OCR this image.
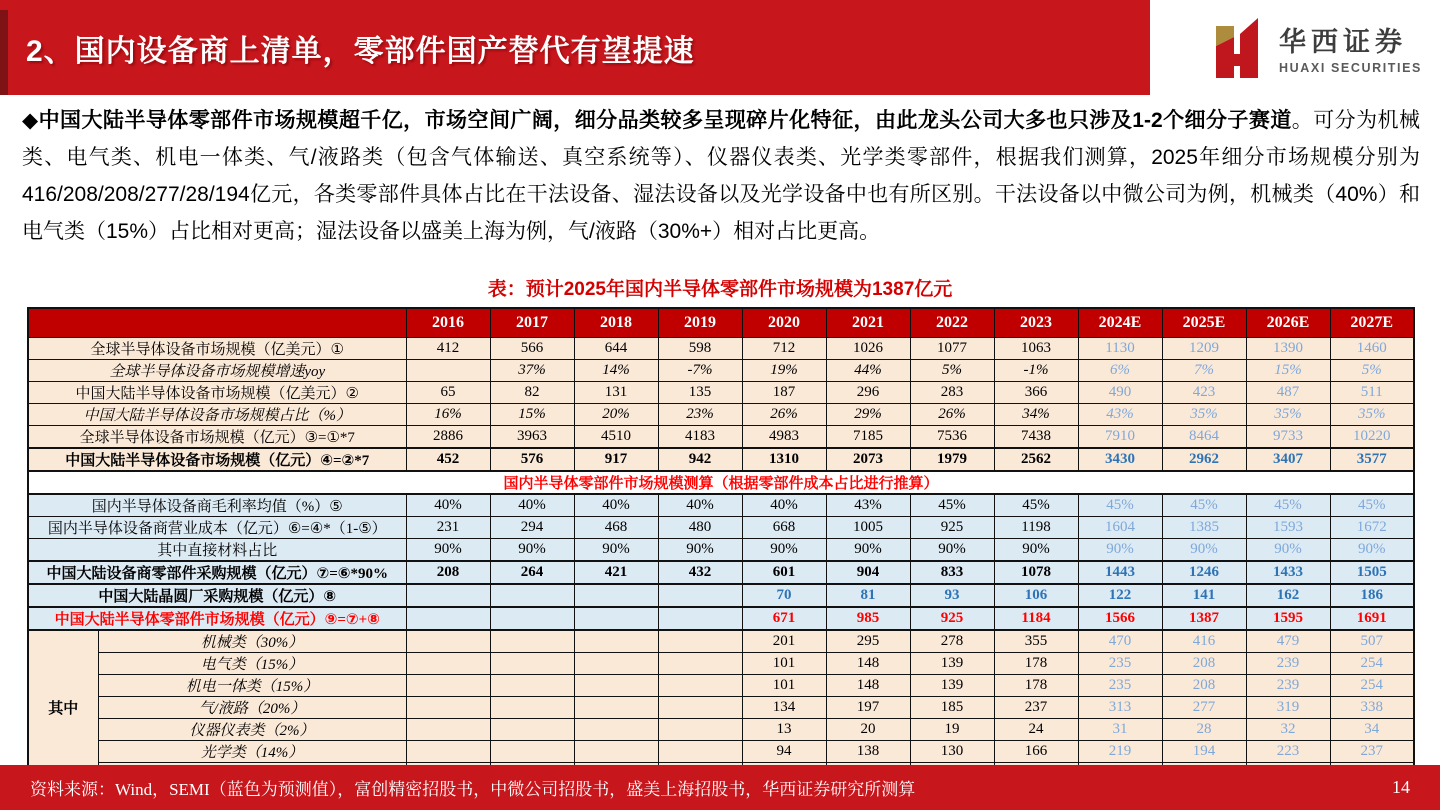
2、国内设备商上清单，零部件国产替代有望提速	华西证券
HUAXI SECURITIES

◆中国大陆半导体零部件市场规模超千亿，市场空间广阔，细分品类较多呈现碎片化特征，由此龙头公司大多也只涉及1-2个细分子赛道。可分为机械类、电气类、机电一体类、气/液路类（包含气体输送、真空系统等）、仪器仪表类、光学类零部件，根据我们测算，2025年细分市场规模分别为416/208/208/277/28/194亿元，各类零部件具体占比在干法设备、湿法设备以及光学设备中也有所区别。干法设备以中微公司为例，机械类（40%）和电气类（15%）占比相对更高；湿法设备以盛美上海为例，气/液路（30%+）相对占比更高。

表：预计2025年国内半导体零部件市场规模为1387亿元
		2016	2017	2018	2019	2020	2021	2022	2023	2024E	2025E	2026E	2027E
全球半导体设备市场规模（亿美元）①		412	566	644	598	712	1026	1077	1063	1130	1209	1390	1460
全球半导体设备市场规模增速yoy			37%	14%	-7%	19%	44%	5%	-1%	6%	7%	15%	5%
中国大陆半导体设备市场规模（亿美元）②		65	82	131	135	187	296	283	366	490	423	487	511
中国大陆半导体设备市场规模占比（%）		16%	15%	20%	23%	26%	29%	26%	34%	43%	35%	35%	35%
全球半导体设备市场规模（亿元）③=①*7		2886	3963	4510	4183	4983	7185	7536	7438	7910	8464	9733	10220
中国大陆半导体设备市场规模（亿元）④=②*7		452	576	917	942	1310	2073	1979	2562	3430	2962	3407	3577
国内半导体零部件市场规模测算（根据零部件成本占比进行推算）													
国内半导体设备商毛利率均值（%）⑤		40%	40%	40%	40%	40%	43%	45%	45%	45%	45%	45%	45%
国内半导体设备商营业成本（亿元）⑥=④*（1-⑤）		231	294	468	480	668	1005	925	1198	1604	1385	1593	1672
其中直接材料占比		90%	90%	90%	90%	90%	90%	90%	90%	90%	90%	90%	90%
中国大陆设备商零部件采购规模（亿元）⑦=⑥*90%		208	264	421	432	601	904	833	1078	1443	1246	1433	1505
中国大陆晶圆厂采购规模（亿元）⑧						70	81	93	106	122	141	162	186
中国大陆半导体零部件市场规模（亿元）⑨=⑦+⑧						671	985	925	1184	1566	1387	1595	1691
其中	机械类（30%）					201	295	278	355	470	416	479	507
	电气类（15%）					101	148	139	178	235	208	239	254
	机电一体类（15%）					101	148	139	178	235	208	239	254
	气/液路（20%）					134	197	185	237	313	277	319	338
	仪器仪表类（2%）					13	20	19	24	31	28	32	34
	光学类（14%）					94	138	130	166	219	194	223	237

资料来源：Wind，SEMI（蓝色为预测值），富创精密招股书，中微公司招股书，盛美上海招股书，华西证券研究所测算	14
